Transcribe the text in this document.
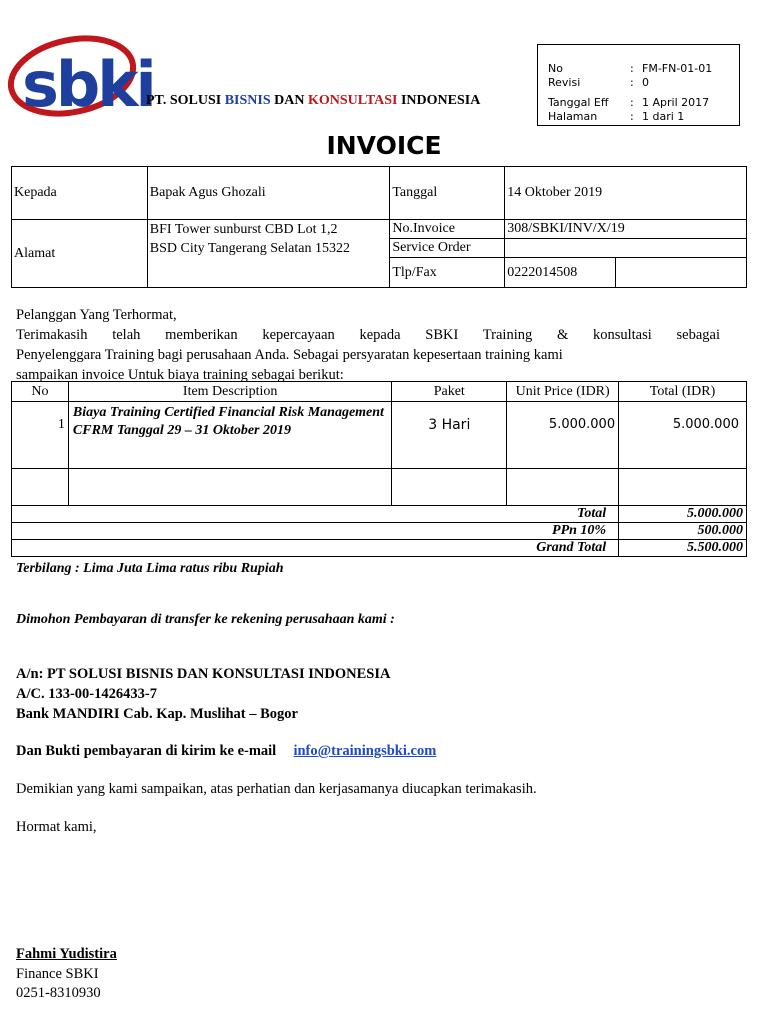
sbki
PT. SOLUSI BISNIS DAN KONSULTASI INDONESIA
No	: FM-FN-01-01
Revisi	: 0
Tanggal Eff : 1 April 2017
Halaman	: 1 dari 1
INVOICE
Kepada	Bapak Agus Ghozali	Tanggal	14 Oktober 2019	
Alamat	BFI Tower sunburst CBD Lot 1,2
BSD City Tangerang Selatan 15322	No.Invoice	308/SBKI/INV/X/19	
		Service Order		
		Tlp/Fax	0222014508	
Pelanggan Yang Terhormat,
Terimakasih telah memberikan kepercayaan kepada SBKI Training & konsultasi sebagai
Penyelenggara Training bagi perusahaan Anda. Sebagai persyaratan kepesertaan training kami
sampaikan invoice Untuk biaya training sebagai berikut:
No	Item Description	Paket	Unit Price (IDR)	Total (IDR)
1	Biaya Training Certified Financial Risk Management CFRM Tanggal 29 – 31 Oktober 2019	3 Hari	5.000.000	5.000.000

Total				5.000.000
PPn 10%				500.000
Grand Total				5.500.000
Terbilang : Lima Juta Lima ratus ribu Rupiah
Dimohon Pembayaran di transfer ke rekening perusahaan kami :
A/n: PT SOLUSI BISNIS DAN KONSULTASI INDONESIA
A/C. 133-00-1426433-7
Bank MANDIRI Cab. Kap. Muslihat – Bogor
Dan Bukti pembayaran di kirim ke e-mail info@trainingsbki.com
Demikian yang kami sampaikan, atas perhatian dan kerjasamanya diucapkan terimakasih.
Hormat kami,
Fahmi Yudistira
Finance SBKI
0251-8310930
